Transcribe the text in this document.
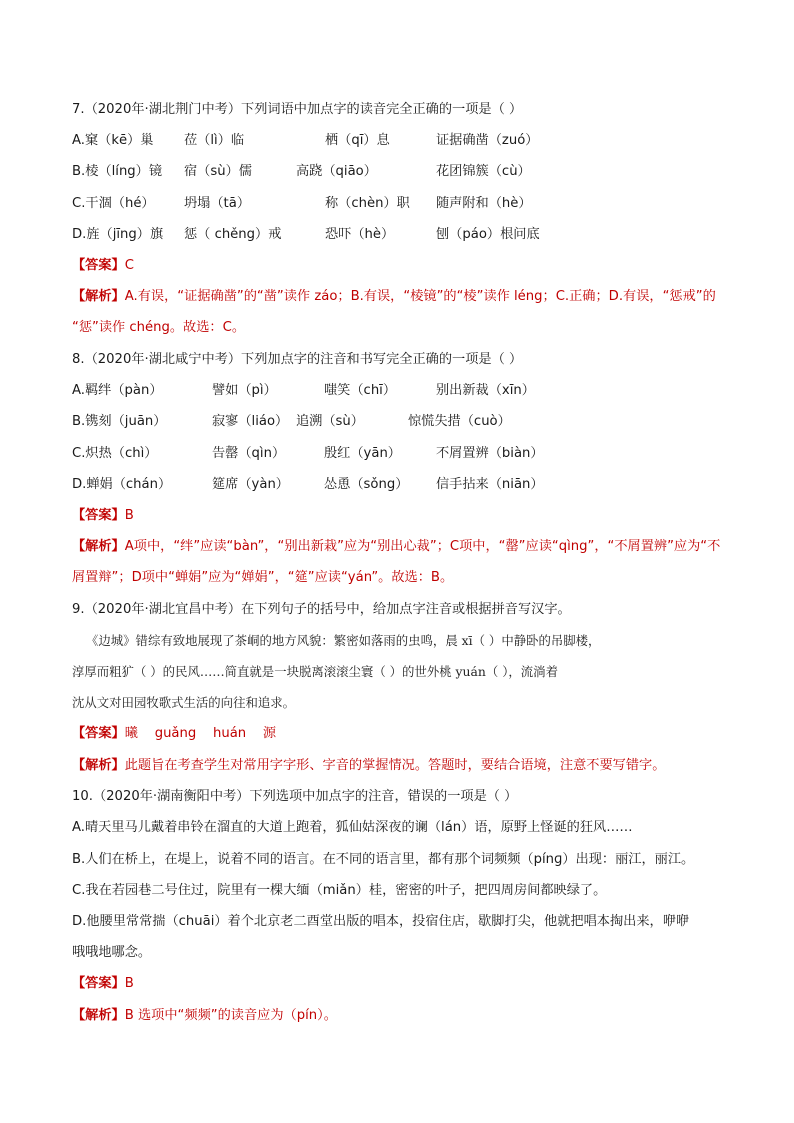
7.（2020年·湖北荆门中考）下列词语中加点字的读音完全正确的一项是（ ）
A.窠（kē）巢 莅（lì）临	栖（qī）息	证据确凿（zuó）
B.棱（líng）镜 宿（sù）儒	高跷（qiāo）	花团锦簇（cù）
C.干涸（hé） 坍塌（tā）	称（chèn）职 随声附和（hè）
D.旌（jīng）旗 惩（ chěng）戒	恐吓（hè）	刨（páo）根问底
【答案】C
【解析】A.有误，“证据确凿”的“凿”读作 záo；B.有误，“棱镜”的“棱”读作 léng；C.正确；D.有误，“惩戒”的
“惩”读作 chéng。故选：C。
8.（2020年·湖北咸宁中考）下列加点字的注音和书写完全正确的一项是（ ）
A.羁绊（pàn）	譬如（pì）	嗤笑（chī）	别出新裁（xīn）
B.镌刻（juān）	寂寥（liáo） 追溯（sù）	惊慌失措（cuò）
C.炽热（chì）	告罄（qìn）	殷红（yān）	不屑置辨（biàn）
D.蝉娟（chán）	筵席（yàn）	怂恿（sǒng） 信手拈来（niān）
【答案】B
【解析】A项中，“绊”应读“bàn”，“别出新栽”应为“别出心裁”；C项中，“罄”应读“qìng”，“不屑置辨”应为“不
屑置辩”；D项中“蝉娟”应为“婵娟”，“筵”应读“yán”。故选：B。
9.（2020年·湖北宜昌中考）在下列句子的括号中，给加点字注音或根据拼音写汉字。
《边城》错综有致地展现了茶峒的地方风貌：繁密如落雨的虫鸣，晨 xī（ ）中静卧的吊脚楼，
淳厚而粗犷（ ）的民风……简直就是一块脱离滚滚尘寰（ ）的世外桃 yuán（ ），流淌着
沈从文对田园牧歌式生活的向往和追求。
【答案】曦    guǎng    huán    源
【解析】此题旨在考查学生对常用字字形、字音的掌握情况。答题时，要结合语境，注意不要写错字。
10.（2020年·湖南衡阳中考）下列选项中加点字的注音，错误的一项是（ ）
A.晴天里马儿戴着串铃在溜直的大道上跑着，狐仙姑深夜的谰（lán）语，原野上怪诞的狂风……
B.人们在桥上，在堤上，说着不同的语言。在不同的语言里，都有那个词频频（pínɡ）出现：丽江，丽江。
C.我在若园巷二号住过，院里有一棵大缅（miǎn）桂，密密的叶子，把四周房间都映绿了。
D.他腰里常常揣（chuāi）着个北京老二酉堂出版的唱本，投宿住店，歇脚打尖，他就把唱本掏出来，咿咿
哦哦地哪念。
【答案】B
【解析】B 选项中“频频”的读音应为（pín）。
